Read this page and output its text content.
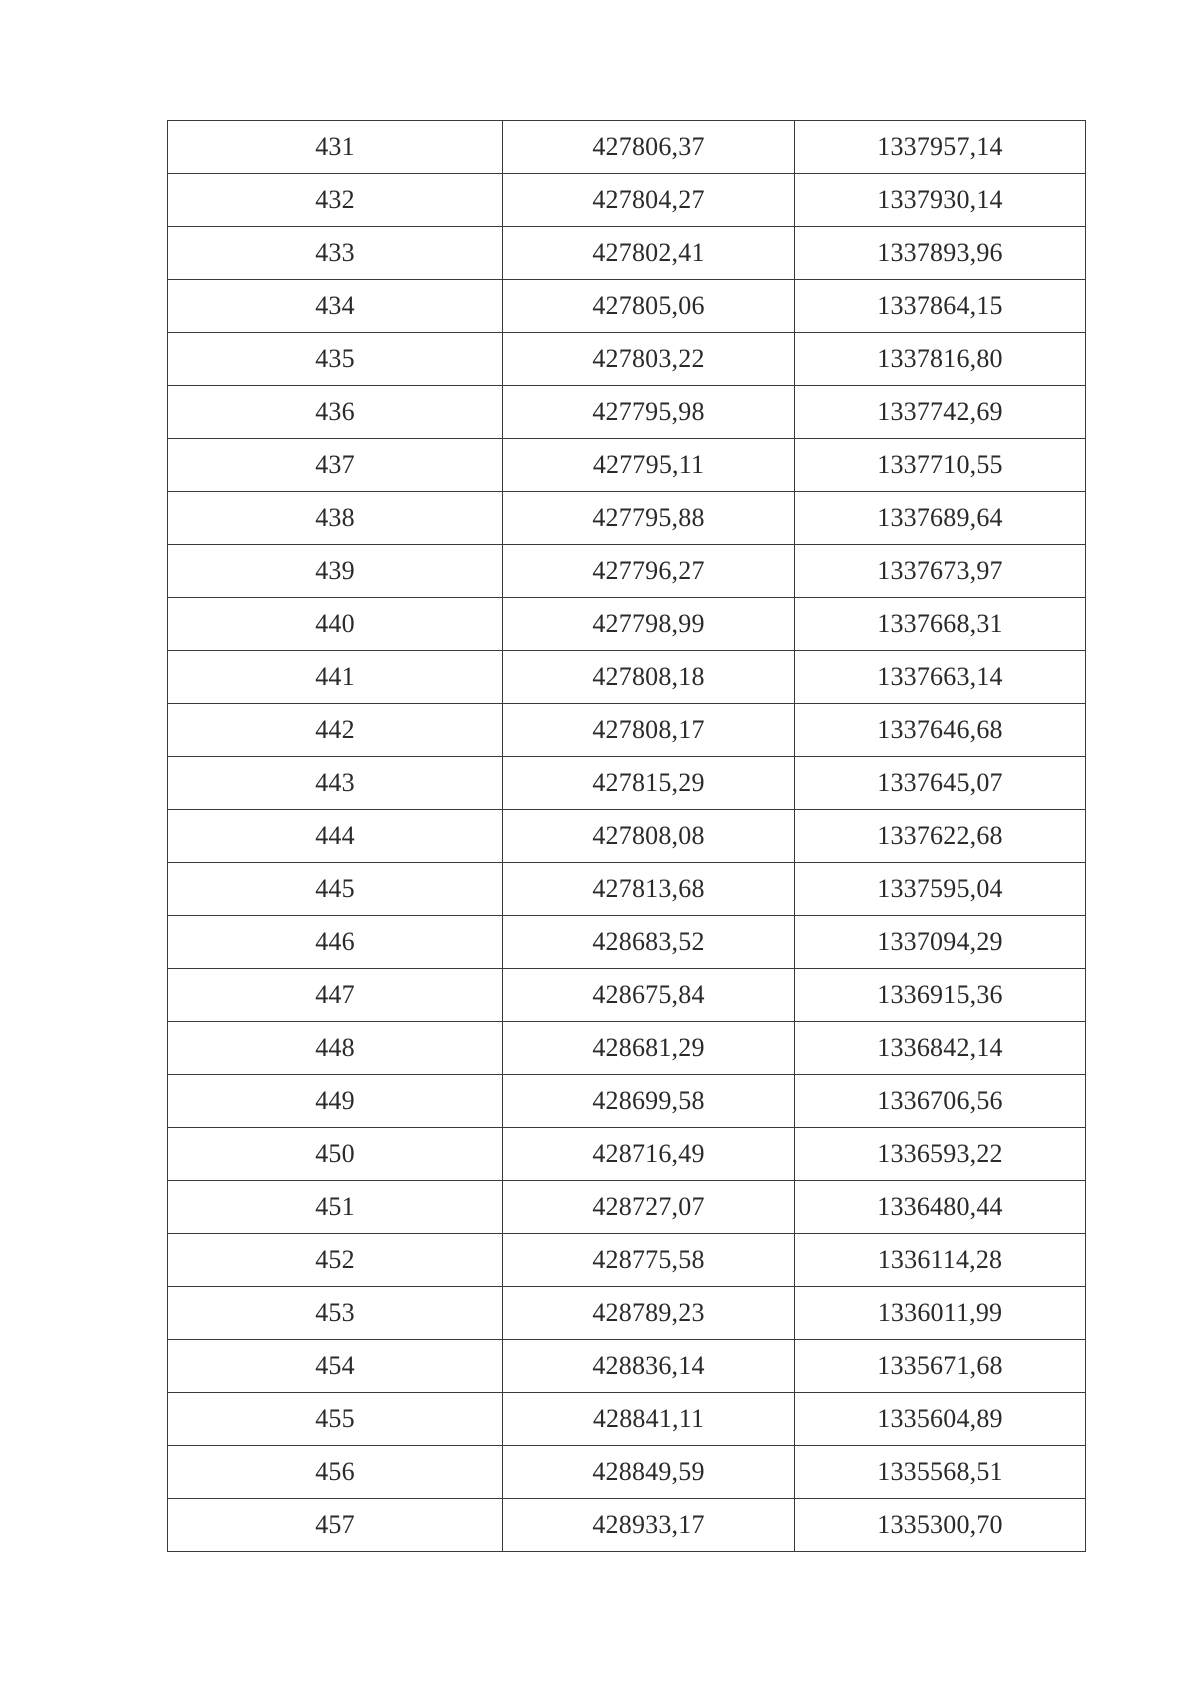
431	427806,37	1337957,14
432	427804,27	1337930,14
433	427802,41	1337893,96
434	427805,06	1337864,15
435	427803,22	1337816,80
436	427795,98	1337742,69
437	427795,11	1337710,55
438	427795,88	1337689,64
439	427796,27	1337673,97
440	427798,99	1337668,31
441	427808,18	1337663,14
442	427808,17	1337646,68
443	427815,29	1337645,07
444	427808,08	1337622,68
445	427813,68	1337595,04
446	428683,52	1337094,29
447	428675,84	1336915,36
448	428681,29	1336842,14
449	428699,58	1336706,56
450	428716,49	1336593,22
451	428727,07	1336480,44
452	428775,58	1336114,28
453	428789,23	1336011,99
454	428836,14	1335671,68
455	428841,11	1335604,89
456	428849,59	1335568,51
457	428933,17	1335300,70
